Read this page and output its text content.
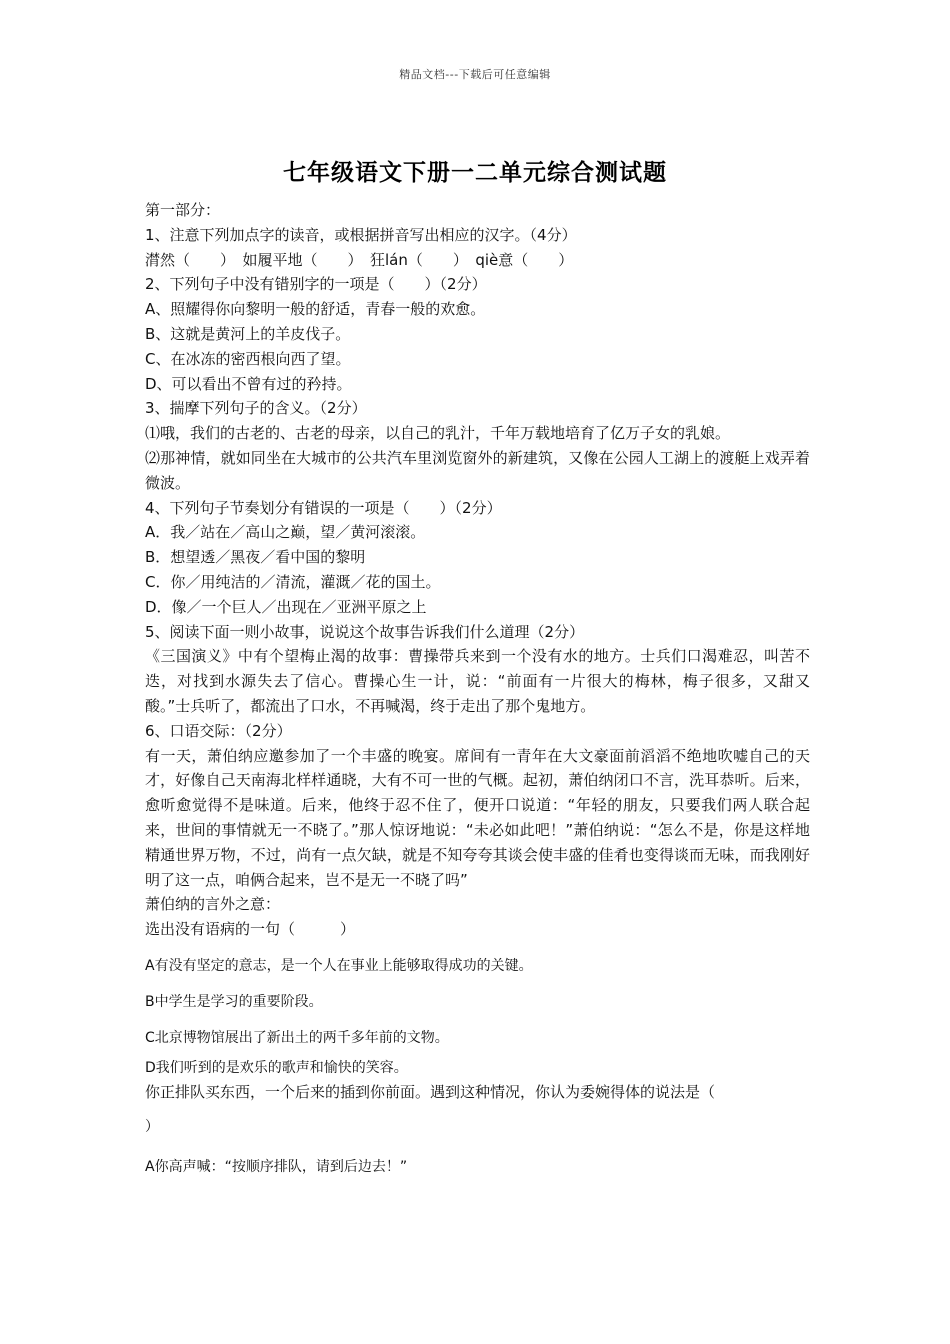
精品文档---下载后可任意编辑
七年级语文下册一二单元综合测试题
第一部分：
1、注意下列加点字的读音，或根据拼音写出相应的汉字。（4分）
潸然（　　）　如履平地（　　）　狂lán（　　）　qiè意（　　）
2、下列句子中没有错别字的一项是（　　）（2分）
A、照耀得你向黎明一般的舒适，青春一般的欢愈。
B、这就是黄河上的羊皮伐子。
C、在冰冻的密西根向西了望。
D、可以看出不曾有过的矜持。
3、揣摩下列句子的含义。（2分）
⑴哦，我们的古老的、古老的母亲，以自己的乳汁，千年万载地培育了亿万子女的乳娘。
⑵那神情，就如同坐在大城市的公共汽车里浏览窗外的新建筑，又像在公园人工湖上的渡艇上戏弄着微波。
4、下列句子节奏划分有错误的一项是（　　）（2分）
A．我／站在／高山之巅，望／黄河滚滚。
B．想望透／黑夜／看中国的黎明
C．你／用纯洁的／清流，灌溉／花的国土。
D．像／一个巨人／出现在／亚洲平原之上
5、阅读下面一则小故事，说说这个故事告诉我们什么道理（2分）
《三国演义》中有个望梅止渴的故事：曹操带兵来到一个没有水的地方。士兵们口渴难忍，叫苦不迭，对找到水源失去了信心。曹操心生一计，说：“前面有一片很大的梅林，梅子很多，又甜又酸。”士兵听了，都流出了口水，不再喊渴，终于走出了那个鬼地方。
6、口语交际：（2分）
有一天，萧伯纳应邀参加了一个丰盛的晚宴。席间有一青年在大文豪面前滔滔不绝地吹嘘自己的天才，好像自己天南海北样样通晓，大有不可一世的气概。起初，萧伯纳闭口不言，洗耳恭听。后来，愈听愈觉得不是味道。后来，他终于忍不住了，便开口说道：“年轻的朋友，只要我们两人联合起来，世间的事情就无一不晓了。”那人惊讶地说：“未必如此吧！”萧伯纳说：“怎么不是，你是这样地精通世界万物，不过，尚有一点欠缺，就是不知夸夸其谈会使丰盛的佳肴也变得谈而无味，而我刚好明了这一点，咱俩合起来，岂不是无一不晓了吗”
萧伯纳的言外之意：
选出没有语病的一句（　　　）
A有没有坚定的意志，是一个人在事业上能够取得成功的关键。
B中学生是学习的重要阶段。
C北京博物馆展出了新出土的两千多年前的文物。
D我们听到的是欢乐的歌声和愉快的笑容。
你正排队买东西，一个后来的插到你前面。遇到这种情况，你认为委婉得体的说法是（
）
A你高声喊：“按顺序排队，请到后边去！”
